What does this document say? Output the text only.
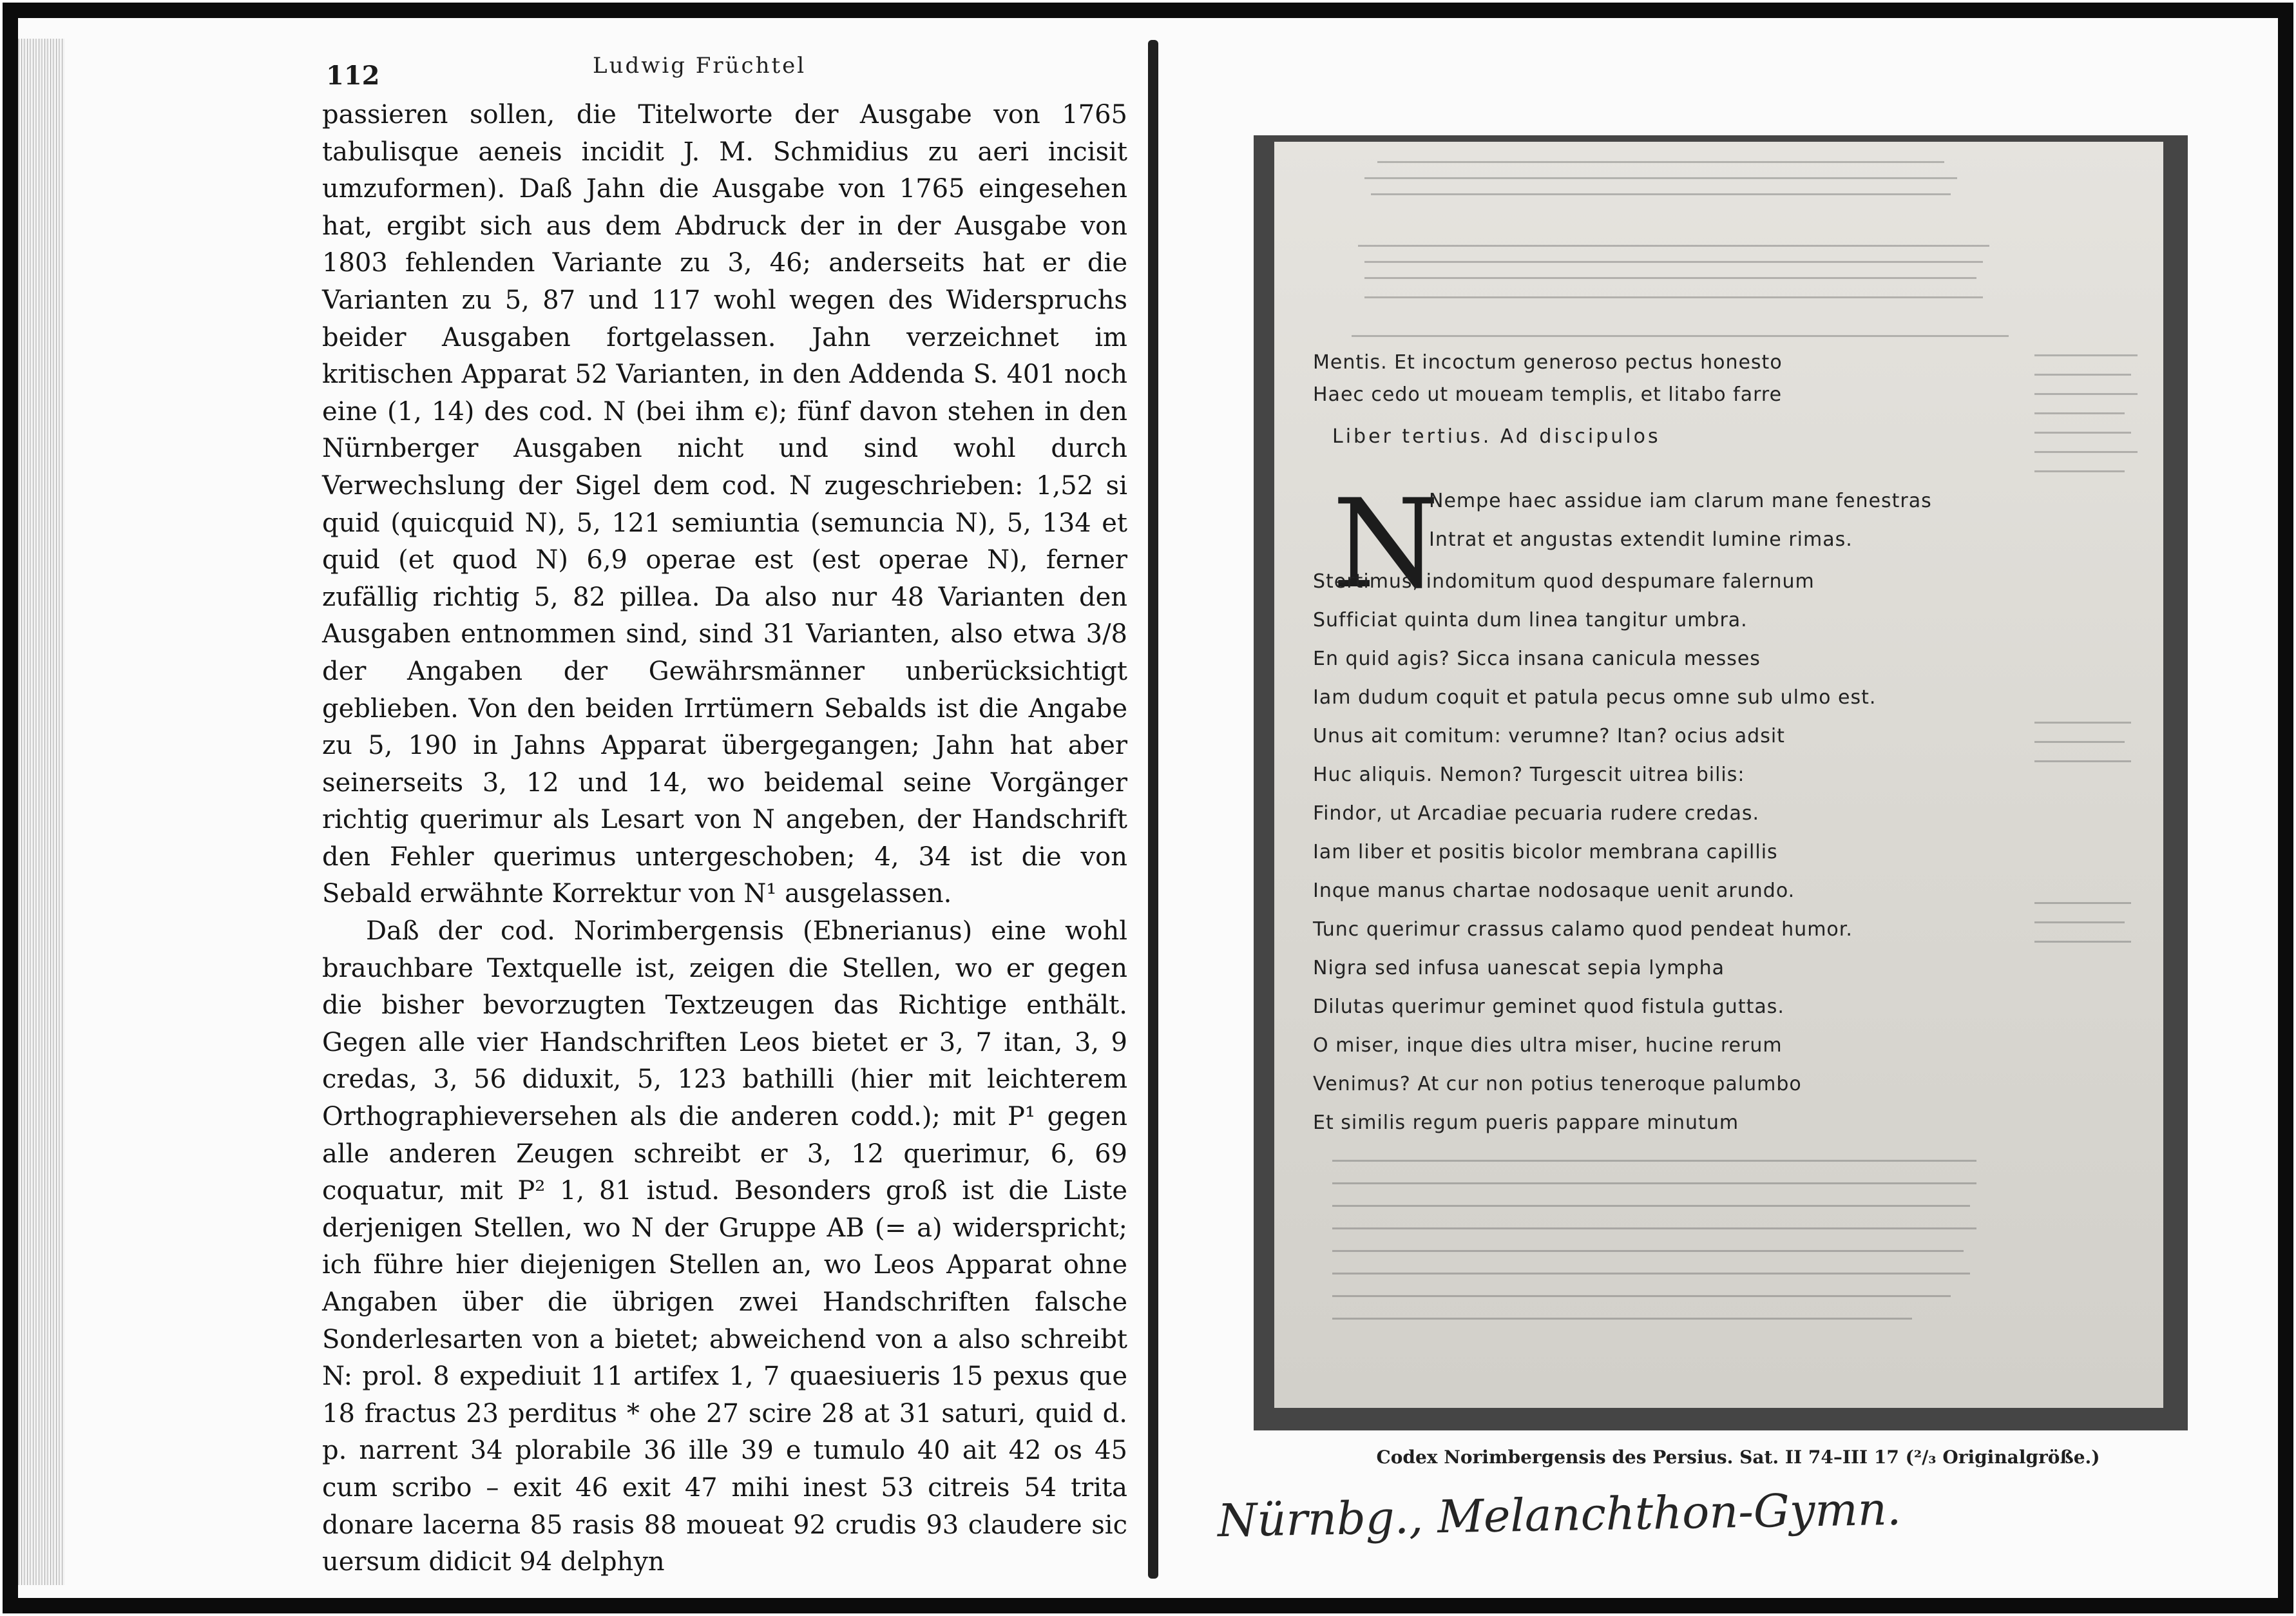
112	Ludwig Früchtel

passieren sollen, die Titelworte der Ausgabe von 1765 tabulisque aeneis incidit J. M. Schmidius zu aeri incisit umzuformen). Daß Jahn die Ausgabe von 1765 eingesehen hat, ergibt sich aus dem Abdruck der in der Ausgabe von 1803 fehlenden Variante zu 3, 46; anderseits hat er die Varianten zu 5, 87 und 117 wohl wegen des Widerspruchs beider Ausgaben fortgelassen. Jahn verzeichnet im kritischen Apparat 52 Varianten, in den Addenda S. 401 noch eine (1, 14) des cod. N (bei ihm ϵ); fünf davon stehen in den Nürnberger Ausgaben nicht und sind wohl durch Verwechslung der Sigel dem cod. N zugeschrieben: 1,52 si quid (quicquid N), 5, 121 semiuntia (semuncia N), 5, 134 et quid (et quod N) 6,9 operae est (est operae N), ferner zufällig richtig 5, 82 pillea. Da also nur 48 Varianten den Ausgaben entnommen sind, sind 31 Varianten, also etwa 3/8 der Angaben der Gewährsmänner unberücksichtigt geblieben. Von den beiden Irrtümern Sebalds ist die Angabe zu 5, 190 in Jahns Apparat übergegangen; Jahn hat aber seinerseits 3, 12 und 14, wo beidemal seine Vorgänger richtig querimur als Lesart von N angeben, der Handschrift den Fehler querimus untergeschoben; 4, 34 ist die von Sebald erwähnte Korrektur von N¹ ausgelassen.

Daß der cod. Norimbergensis (Ebnerianus) eine wohl brauchbare Textquelle ist, zeigen die Stellen, wo er gegen die bisher bevorzugten Textzeugen das Richtige enthält. Gegen alle vier Handschriften Leos bietet er 3, 7 itan, 3, 9 credas, 3, 56 diduxit, 5, 123 bathilli (hier mit leichterem Orthographieversehen als die anderen codd.); mit P¹ gegen alle anderen Zeugen schreibt er 3, 12 querimur, 6, 69 coquatur, mit P² 1, 81 istud. Besonders groß ist die Liste derjenigen Stellen, wo N der Gruppe AB (= a) widerspricht; ich führe hier diejenigen Stellen an, wo Leos Apparat ohne Angaben über die übrigen zwei Handschriften falsche Sonderlesarten von a bietet; abweichend von a also schreibt N: prol. 8 expediuit 11 artifex 1, 7 quaesiueris 15 pexus que 18 fractus 23 perditus * ohe 27 scire 28 at 31 saturi, quid d. p. narrent 34 plorabile 36 ille 39 e tumulo 40 ait 42 os 45 cum scribo – exit 46 exit 47 mihi inest 53 citreis 54 trita donare lacerna 85 rasis 88 moueat 92 crudis 93 claudere sic uersum didicit 94 delphyn

N
Mentis. Et incoctum generoso pectus honesto
Haec cedo ut moueam templis, et litabo farre
Liber tertius. Ad discipulos
Nempe haec assidue iam clarum mane fenestras
Intrat et angustas extendit lumine rimas.
Stertimus, indomitum quod despumare falernum
Sufficiat quinta dum linea tangitur umbra.
En quid agis? Sicca insana canicula messes
Iam dudum coquit et patula pecus omne sub ulmo est.
Unus ait comitum: verumne? Itan? ocius adsit
Huc aliquis. Nemon? Turgescit uitrea bilis:
Findor, ut Arcadiae pecuaria rudere credas.
Iam liber et positis bicolor membrana capillis
Inque manus chartae nodosaque uenit arundo.
Tunc querimur crassus calamo quod pendeat humor.
Nigra sed infusa uanescat sepia lympha
Dilutas querimur geminet quod fistula guttas.
O miser, inque dies ultra miser, hucine rerum
Venimus? At cur non potius teneroque palumbo
Et similis regum pueris pappare minutum
Codex Norimbergensis des Persius. Sat. II 74–III 17 (²/₃ Originalgröße.)
Nürnbg., Melanchthon-Gymn.
